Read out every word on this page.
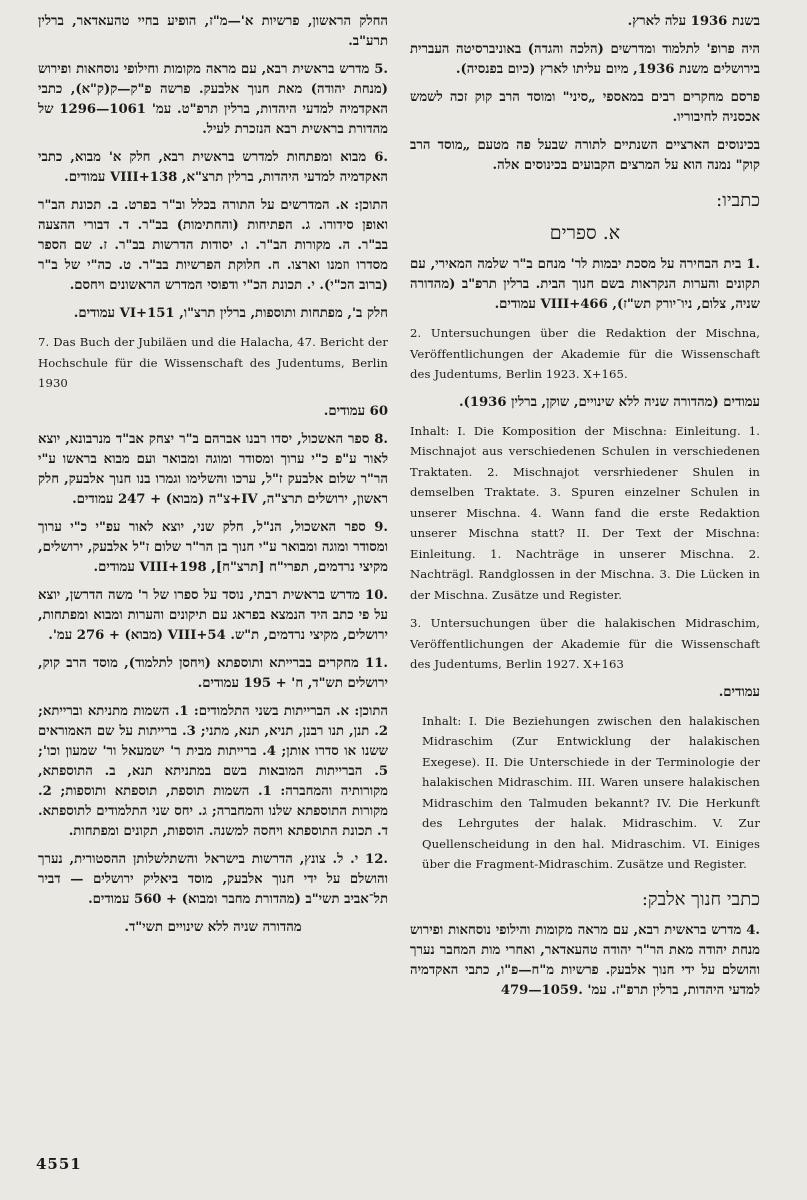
בשנת 1936 עלה לארץ.

היה פרופ' לתלמוד ומדרשים (הלכה והגדה) באוניברסיטה העברית בירושלים משנת 1936, מיום עליתו לארץ (כיום בפנסיה).

פרסם מחקרים רבים במאספי „סיני" ומוסד הרב קוק זכה לשמש אכסניה לחיבוריו.

בכינוסים הארציים השנתיים לתורה שבעל פה מטעם „מוסד הרב קוק" נמנה הוא על המרצים הקבועים בכינוסים אלה.

כתביו:
א. ספרים

.1 בית הבחירה על מסכת יבמות לר' מנחם ב"ר שלמה המאירי, עם תקונים והערות הנקראות בשם חנוך הבית. ברלין תרפ"ב (מהדורה שניה, צלום, ניו־יורק תש"ז), VIII+466 עמודים.

2. Untersuchungen über die Redaktion der Mischna, Veröffentlichungen der Akademie für die Wissenschaft des Judentums, Berlin 1923. X+165.

עמודים (מהדורה שניה ללא שינויים, שוקן, ברלין 1936).

Inhalt: I. Die Komposition der Mischna: Einleitung. 1. Mischnajot aus verschiedenen Schulen in verschiedenen Traktaten. 2. Mischnajot versrhiedener Shulen in demselben Traktate. 3. Spuren einzelner Schulen in unserer Mischna. 4. Wann fand die erste Redaktion unserer Mischna statt? II. Der Text der Mischna: Einleitung. 1. Nachträge in unserer Mischna. 2. Nachträgl. Randglossen in der Mischna. 3. Die Lücken in der Mischna. Zusätze und Register.

3. Untersuchungen über die halakischen Midraschim, Veröffentlichungen der Akademie für die Wissenschaft des Judentums, Berlin 1927. X+163

עמודים.

Inhalt: I. Die Beziehungen zwischen den halakischen Midraschim (Zur Entwicklung der halakischen Exegese). II. Die Unterschiede in der Terminologie der halakischen Midraschim. III. Waren unsere halakischen Midraschim den Talmuden bekannt? IV. Die Herkunft des Lehrgutes der halak. Midraschim. V. Zur Quellenscheidung in den hal. Midraschim. VI. Einiges über die Fragment-Midraschim. Zusätze und Register.

כתבי חנוך אלבק:

.4 מדרש בראשית רבא, עם מראה מקומות והילופי נוסחאות ופירוש מנחת יהודה מאת הר"ר יהודה טהעאדאר, ואחרי מות המחבר נערך והושלם על ידי חנוך אלבעק. פרשיות מ"ח—פ"ו, כתבי האקדמיה למדעי היהדות, ברלין תרפ"ז. עמ' .1059—479

החלק הראשון, פרשיות א'—מ"ז, הופיע בחיי טהעאדאר, ברלין תרע"ב.

.5 מדרש בראשית רבא, עם מראה מקומות וחילופי נוסחאות ופירוש (מנחת יהודה) מאת חנוך אלבעק. פרשה פ"ק—ק(ק"א), כתבי האקדמיה למדעי היהדות, ברלין תרפ"ט. עמ' 1061—1296 של מהדורת בראשית רבא הנזכרת לעיל.

.6 מבוא ומפתחות למדרש בראשית רבא, חלק א' מבוא, כתבי האקדמיה למדעי היהדות, ברלין תרצ"א, VIII+138 עמודים.

התוכן: א. המדרשים על התורה בכלל וב"ר בפרט. ב. תכונת הב"ר ואופן סידורו. ג. הפתיחות (והחתימות) בב"ר. ד. דבורי ההצעה בב"ר. ה. מקורות הב"ר. ו. יסודות הדרשות בב"ר. ז. שם הספר מסדרו וזמנו וארצו. ח. חלוקת הפרשיות בב"ר. ט. כה"י של ב"ר (ברוב הכ"י). י. תכונת הכ"י ודפוסי המדרש הראשונים ויחסם.

חלק ב', מפתחות ותוספות, ברלין תרצ"ו, VI+151 עמודים.

7. Das Buch der Jubiläen und die Halacha, 47. Bericht der Hochschule für die Wissenschaft des Judentums, Berlin 1930

60 עמודים.

.8 ספר האשכול, יסדו רבנו אברהם ב"ר יצחק אב"ד מנרבונא, יוצא לאור ע"פ כ"י ערוך ומסודר ומוגה ומבואר ועם מבוא בראשו ע"י הר"ר שלום אלבעק ז"ל, ערכו והשלימו וגמרו בנו חנוך אלבעק, חלק ראשון, ירושלים תרצ"ה, IV+צ"ה (מבוא) + 247 עמודים.

.9 ספר האשכול, הנ"ל, חלק שני, יוצא לאור עפ"י כ"י ערוך ומסודר ומוגה ומבואר ע"י חנוך בן הר"ר שלום ז"ל אלבעק, ירושלים, מקיצי נרדמים, תפרי"ח [תרצ"ח], VIII+198 עמודים.

.10 מדרש בראשית רבתי, נוסד על ספרו של ר' משה הדרשן, יוצא על פי כתב היד הנמצא בפראג עם תיקונים והערות ומבוא ומפתחות, ירושלים, מקיצי נרדמים, ת"ש. VIII+54 (מבוא) + 276 עמ'.

.11 מחקרים בברייתא ותוספתא (ויחסן לתלמוד), מוסד הרב קוק, ירושלים תש"ד, ח' + 195 עמודים.

התוכן: א. הברייתות בשני התלמודים: 1. השמות מתניתא וברייתא; 2. תנן, תנו רבנן, תניא, תנא, מתני; 3. ברייתות על שם האמוראים ששנו או סדרו אותן; 4. ברייתות מבית ר' ישמעאל ור' שמעון וכו'; 5. הברייתות המובאות בשם במתניתא תנא, ב. התוספתא, מקורותיה והמחברה: 1. השמות תוספת, תוספתא ותוספות; 2. מקורות התוספתא שלנו והמחברה; ג. יחס שני התלמודים לתוספתא. ד. תכונת התוספתא ויחסה למשנה. הוספות, תקונים ומפתחות.

.12 י. ל. צונץ, הדרשות בישראל והשתלשלותן ההסטורית, נערך והושלם על ידי חנוך אלבעק, מוסד ביאליק ירושלים — דביר תל־אביב תשי"ב (מהדורת מחבר ומבוא) + 560 עמודים.

מהדורה שניה ללא שינויים תשי"ד.

4551
